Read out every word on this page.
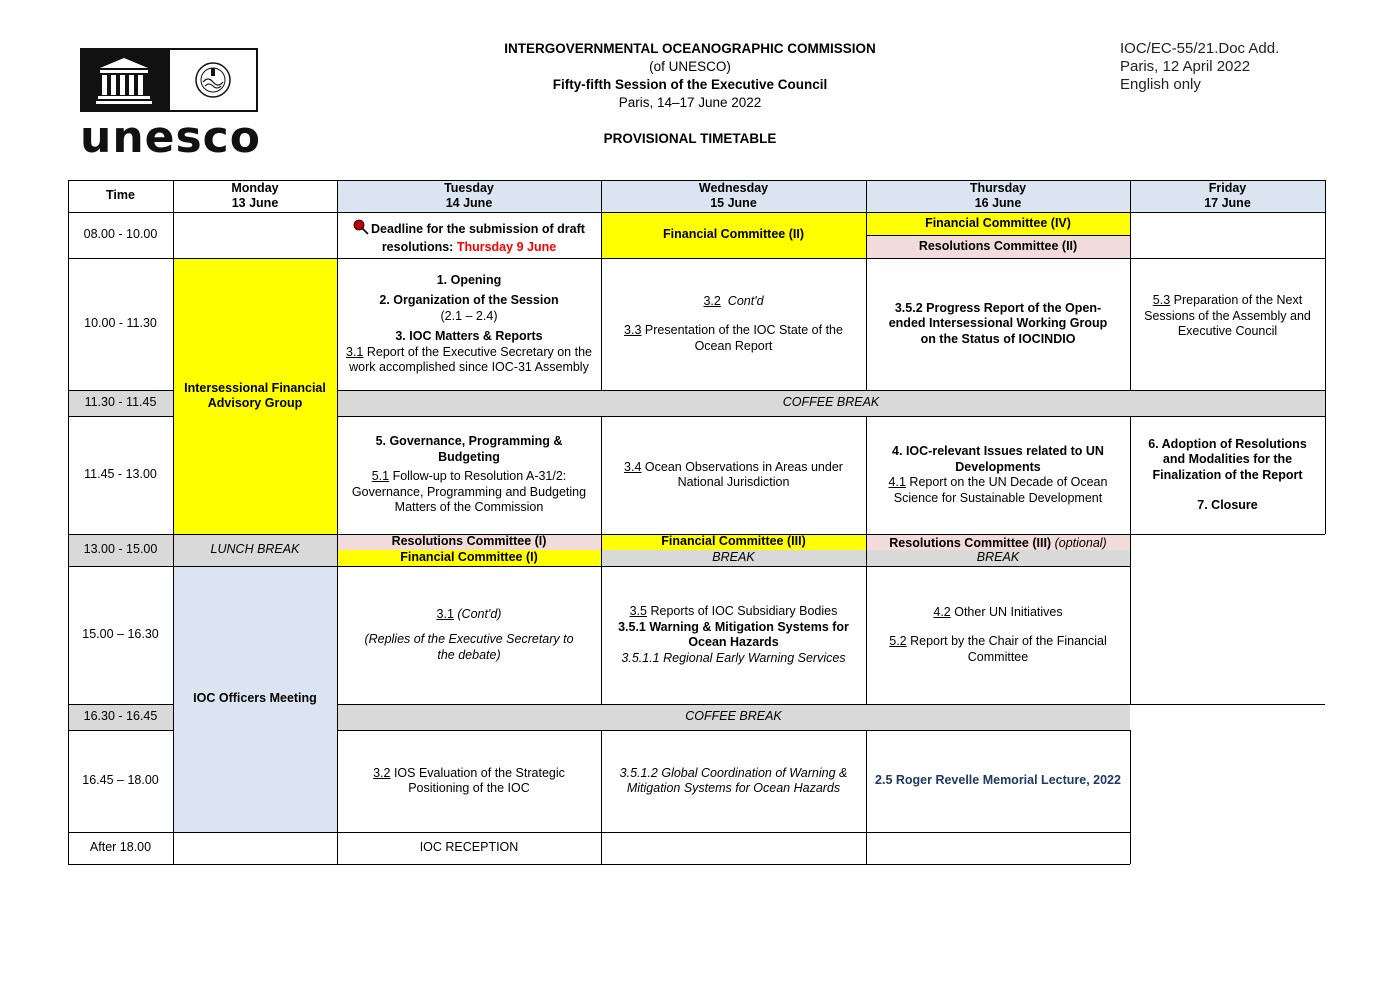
unesco
INTERGOVERNMENTAL OCEANOGRAPHIC COMMISSION
(of UNESCO)
Fifty-fifth Session of the Executive Council
Paris, 14–17 June 2022
PROVISIONAL TIMETABLE
IOC/EC-55/21.Doc Add.
Paris, 12 April 2022
English only
Time
Monday
13 June
Tuesday
14 June
Wednesday
15 June
Thursday
16 June
Friday
17 June
08.00 - 10.00
10.00 - 11.30
11.30 - 11.45
11.45 - 13.00
13.00 - 15.00
15.00 – 16.30
16.30 - 16.45
16.45 – 18.00
After 18.00
Deadline for the submission of draft resolutions: Thursday 9 June
Financial Committee (II)
Financial Committee (IV)
Resolutions Committee (II)
Intersessional Financial Advisory Group
1. Opening
2. Organization of the Session
(2.1 – 2.4)
3. IOC Matters & Reports
3.1 Report of the Executive Secretary on the work accomplished since IOC-31 Assembly
3.2 Cont'd
3.3 Presentation of the IOC State of the Ocean Report
3.5.2 Progress Report of the Open-ended Intersessional Working Group on the Status of IOCINDIO
5.3 Preparation of the Next Sessions of the Assembly and Executive Council
COFFEE BREAK
5. Governance, Programming & Budgeting
5.1 Follow-up to Resolution A-31/2: Governance, Programming and Budgeting Matters of the Commission
3.4 Ocean Observations in Areas under National Jurisdiction
4. IOC-relevant Issues related to UN Developments
4.1 Report on the UN Decade of Ocean Science for Sustainable Development
6. Adoption of Resolutions and Modalities for the Finalization of the Report
7. Closure
LUNCH BREAK
Resolutions Committee (I)
Financial Committee (I)
Financial Committee (III)
BREAK
Resolutions Committee (III) (optional)
BREAK
IOC Officers Meeting
3.1 (Cont'd)
(Replies of the Executive Secretary to the debate)
3.5 Reports of IOC Subsidiary Bodies
3.5.1 Warning & Mitigation Systems for Ocean Hazards
3.5.1.1 Regional Early Warning Services
4.2 Other UN Initiatives
5.2 Report by the Chair of the Financial Committee
COFFEE BREAK
3.2 IOS Evaluation of the Strategic Positioning of the IOC
3.5.1.2 Global Coordination of Warning & Mitigation Systems for Ocean Hazards
2.5 Roger Revelle Memorial Lecture, 2022
IOC RECEPTION
